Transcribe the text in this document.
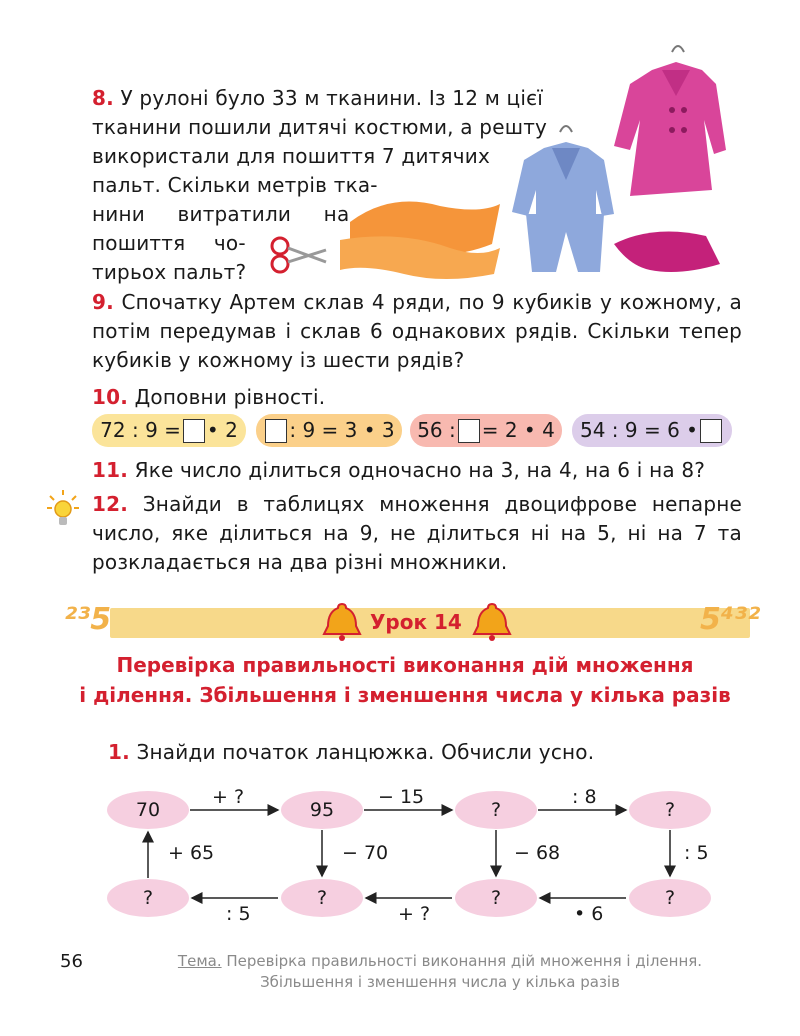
8. У рулоні було 33 м тканини. Із 12 м цієї
тканини пошили дитячі костюми, а решту
використали для пошиття 7 дитячих
пальт. Скільки метрів тка-
нини витратили на
пошиття чо-
тирьох пальт?
9. Спочатку Артем склав 4 ряди, по 9 кубиків у кожному, а потім передумав і склав 6 однакових рядів. Скільки тепер кубиків у кожному із шести рядів?
10. Доповни рівності.
72 : 9 = • 2	: 9 = 3 • 3 56 : = 2 • 4 54 : 9 = 6 •
11. Яке число ділиться одночасно на 3, на 4, на 6 і на 8?
12. Знайди в таблицях множення двоцифрове непарне число, яке ділиться на 9, не ділиться ні на 5, ні на 7 та розкладається на два різні множники.
²³5	5⁴³²
Урок 14
Перевірка правильності виконання дій множення
і ділення. Збільшення і зменшення числа у кілька разів
1. Знайди початок ланцюжка. Обчисли усно.
70	95	?	?
?	?	?	?
+ ?	− 15	: 8
: 5	+ ?	• 6
+ 65	− 70	− 68	: 5
56	Тема. Перевірка правильності виконання дій множення і ділення.
Збільшення і зменшення числа у кілька разів
